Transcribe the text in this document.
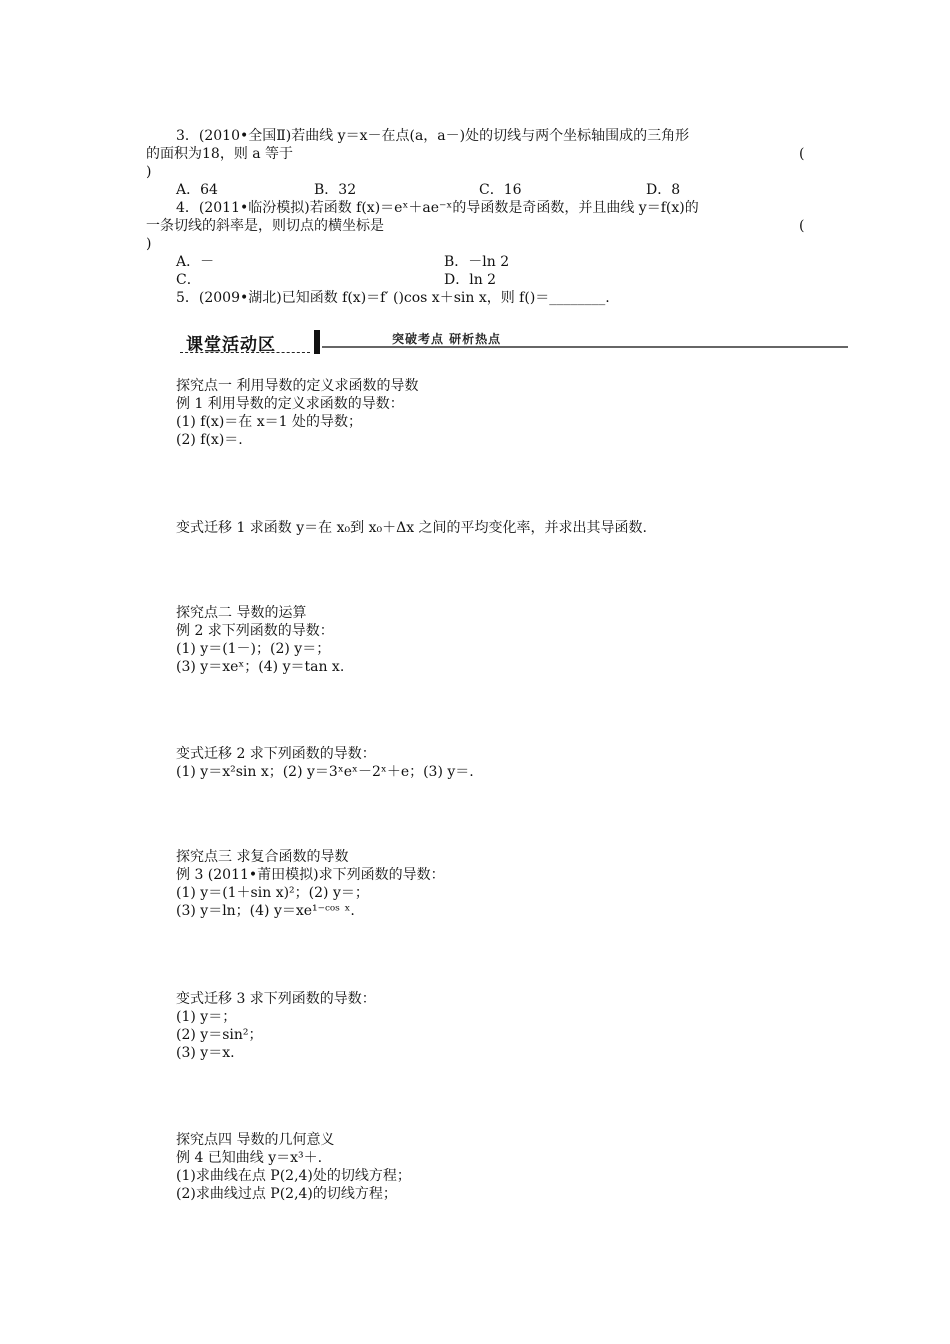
3．(2010•全国Ⅱ)若曲线 y＝x－在点(a，a－)处的切线与两个坐标轴围成的三角形
的面积为18，则 a 等于	(
)
A．64	B．32	C．16	D．8
4．(2011•临汾模拟)若函数 f(x)＝eˣ＋ae⁻ˣ的导函数是奇函数，并且曲线 y＝f(x)的
一条切线的斜率是，则切点的横坐标是	(
)
A．－	B．－ln 2
C．	D．ln 2
5．(2009•湖北)已知函数 f(x)＝f′ ()cos x＋sin x，则 f()＝________.
课堂活动区	突破考点 研析热点
探究点一 利用导数的定义求函数的导数
例 1 利用导数的定义求函数的导数：
(1) f(x)＝在 x＝1 处的导数；
(2) f(x)＝.
变式迁移 1 求函数 y＝在 x₀到 x₀＋Δx 之间的平均变化率，并求出其导函数.
探究点二 导数的运算
例 2 求下列函数的导数：
(1) y＝(1－)；(2) y＝；
(3) y＝xeˣ；(4) y＝tan x.
变式迁移 2 求下列函数的导数：
(1) y＝x²sin x；(2) y＝3ˣeˣ－2ˣ＋e；(3) y＝.
探究点三 求复合函数的导数
例 3 (2011•莆田模拟)求下列函数的导数：
(1) y＝(1＋sin x)²；(2) y＝；
(3) y＝ln；(4) y＝xe¹⁻ᶜᵒˢ ˣ.
变式迁移 3 求下列函数的导数：
(1) y＝；
(2) y＝sin²；
(3) y＝x.
探究点四 导数的几何意义
例 4 已知曲线 y＝x³＋.
(1)求曲线在点 P(2,4)处的切线方程；
(2)求曲线过点 P(2,4)的切线方程；
